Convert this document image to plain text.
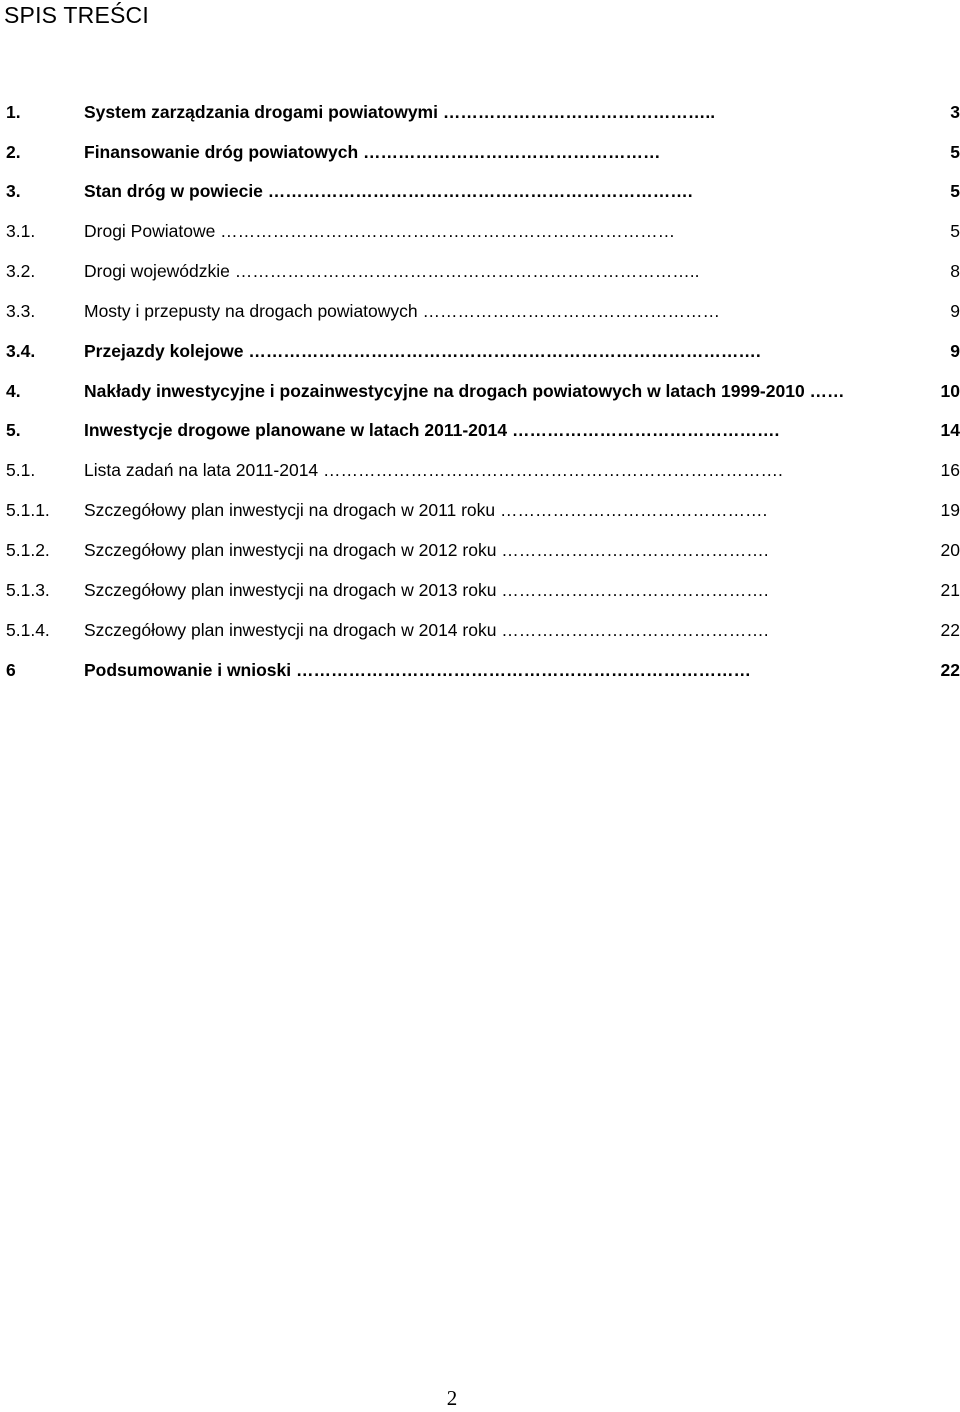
SPIS TREŚCI
1.	System zarządzania drogami powiatowymi ………………………………………..	3
2.	Finansowanie dróg powiatowych ……………………………………………	5
3.	Stan dróg w powiecie ……………………………………………………………….	5
3.1.	Drogi Powiatowe ……………………………………………………………………	5
3.2.	Drogi wojewódzkie ……………………………………………………………………..	8
3.3.	Mosty i przepusty na drogach powiatowych ……………………………………………	9
3.4.	Przejazdy kolejowe …………………………………………………………………………….	9
4.	Nakłady inwestycyjne i pozainwestycyjne na drogach powiatowych w latach 1999-2010 ……	10
5.	Inwestycje drogowe planowane w latach 2011-2014 ……………………………………….	14
5.1.	Lista zadań na lata 2011-2014 …………………………………………………………………….	16
5.1.1. Szczegółowy plan inwestycji na drogach w 2011 roku ……………………………………….	19
5.1.2. Szczegółowy plan inwestycji na drogach w 2012 roku ……………………………………….	20
5.1.3. Szczegółowy plan inwestycji na drogach w 2013 roku ……………………………………….	21
5.1.4. Szczegółowy plan inwestycji na drogach w 2014 roku ……………………………………….	22
6	Podsumowanie i wnioski ……………………………………………………………………	22
2
